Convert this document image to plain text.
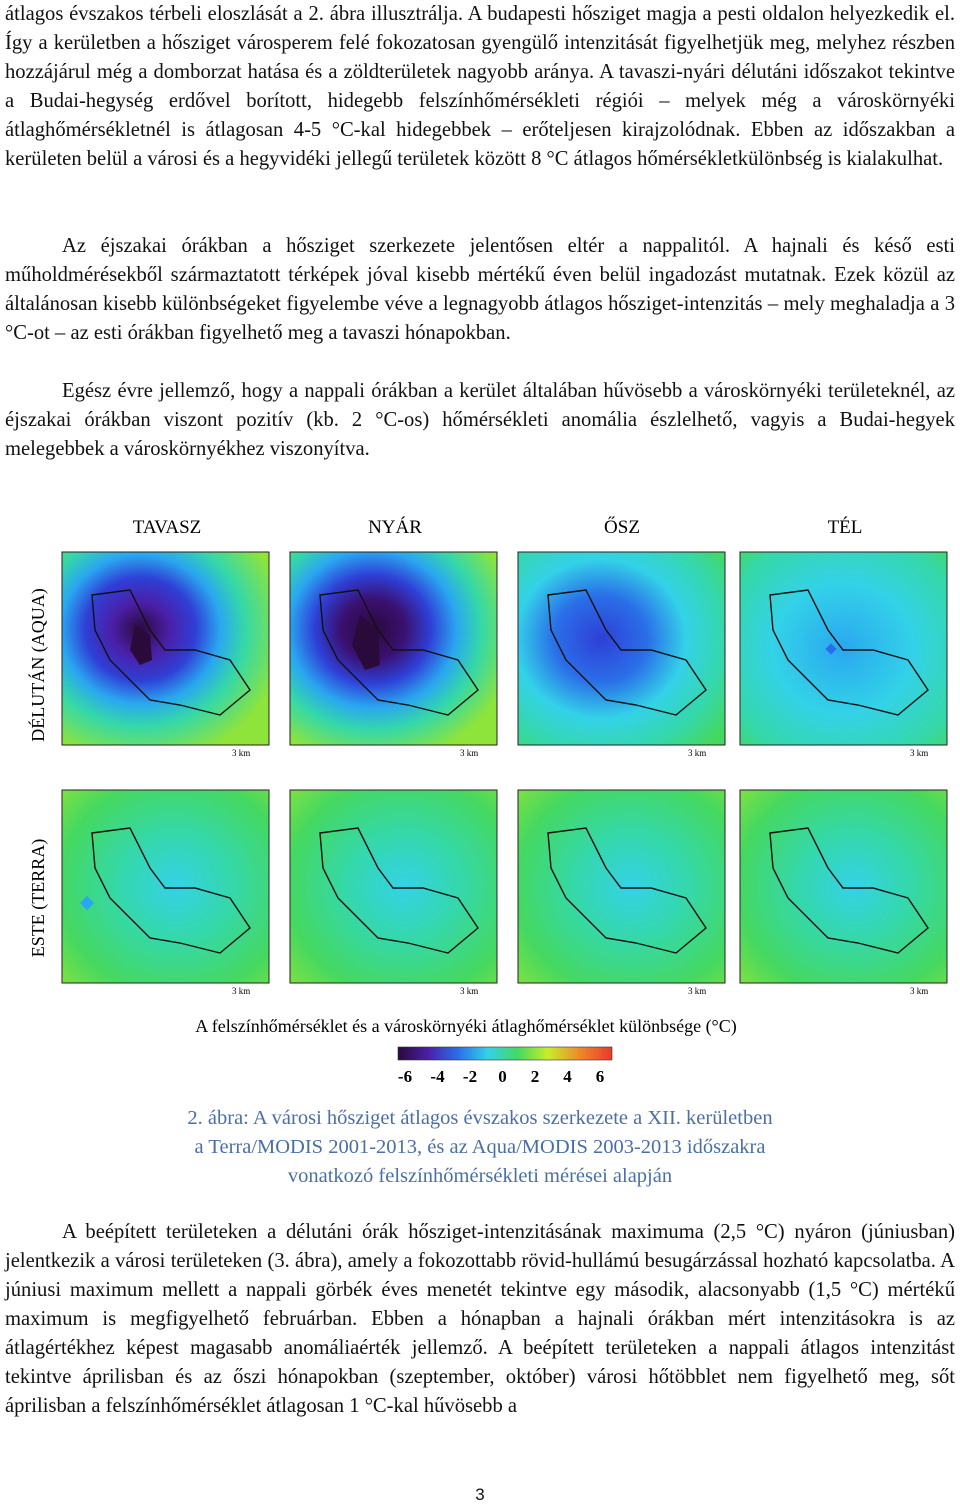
átlagos évszakos térbeli eloszlását a 2. ábra illusztrálja. A budapesti hősziget magja a pesti oldalon helyezkedik el. Így a kerületben a hősziget városperem felé fokozatosan gyengülő intenzitását figyelhetjük meg, melyhez részben hozzájárul még a domborzat hatása és a zöldterületek nagyobb aránya. A tavaszi-nyári délutáni időszakot tekintve a Budai-hegység erdővel borított, hidegebb felszínhőmérsékleti régiói – melyek még a városkörnyéki átlaghőmérsékletnél is átlagosan 4-5 °C-kal hidegebbek – erőteljesen kirajzolódnak. Ebben az időszakban a kerületen belül a városi és a hegyvidéki jellegű területek között 8 °C átlagos hőmérsékletkülönbség is kialakulhat.

Az éjszakai órákban a hősziget szerkezete jelentősen eltér a nappalitól. A hajnali és késő esti műholdmérésekből származtatott térképek jóval kisebb mértékű éven belül ingadozást mutatnak. Ezek közül az általánosan kisebb különbségeket figyelembe véve a legnagyobb átlagos hősziget-intenzitás – mely meghaladja a 3 °C-ot – az esti órákban figyelhető meg a tavaszi hónapokban.

Egész évre jellemző, hogy a nappali órákban a kerület általában hűvösebb a városkörnyéki területeknél, az éjszakai órákban viszont pozitív (kb. 2 °C-os) hőmérsékleti anomália észlelhető, vagyis a Budai-hegyek melegebbek a városkörnyékhez viszonyítva.

TAVASZ	NYÁR	ŐSZ	TÉL
DÉLUTÁN (AQUA)
ESTE (TERRA)
3 km	3 km	3 km	3 km
3 km	3 km	3 km	3 km
A felszínhőmérséklet és a városkörnyéki átlaghőmérséklet különbsége (°C)
-6 -4 -2 0 2 4 6
2. ábra: A városi hősziget átlagos évszakos szerkezete a XII. kerületben
a Terra/MODIS 2001-2013, és az Aqua/MODIS 2003-2013 időszakra
vonatkozó felszínhőmérsékleti mérései alapján

A beépített területeken a délutáni órák hősziget-intenzitásának maximuma (2,5 °C) nyáron (júniusban) jelentkezik a városi területeken (3. ábra), amely a fokozottabb rövid-hullámú besugárzással hozható kapcsolatba. A júniusi maximum mellett a nappali görbék éves menetét tekintve egy második, alacsonyabb (1,5 °C) mértékű maximum is megfigyelhető februárban. Ebben a hónapban a hajnali órákban mért intenzitásokra is az átlagértékhez képest magasabb anomáliaérték jellemző. A beépített területeken a nappali átlagos intenzitást tekintve áprilisban és az őszi hónapokban (szeptember, október) városi hőtöbblet nem figyelhető meg, sőt áprilisban a felszínhőmérséklet átlagosan 1 °C-kal hűvösebb a

3
